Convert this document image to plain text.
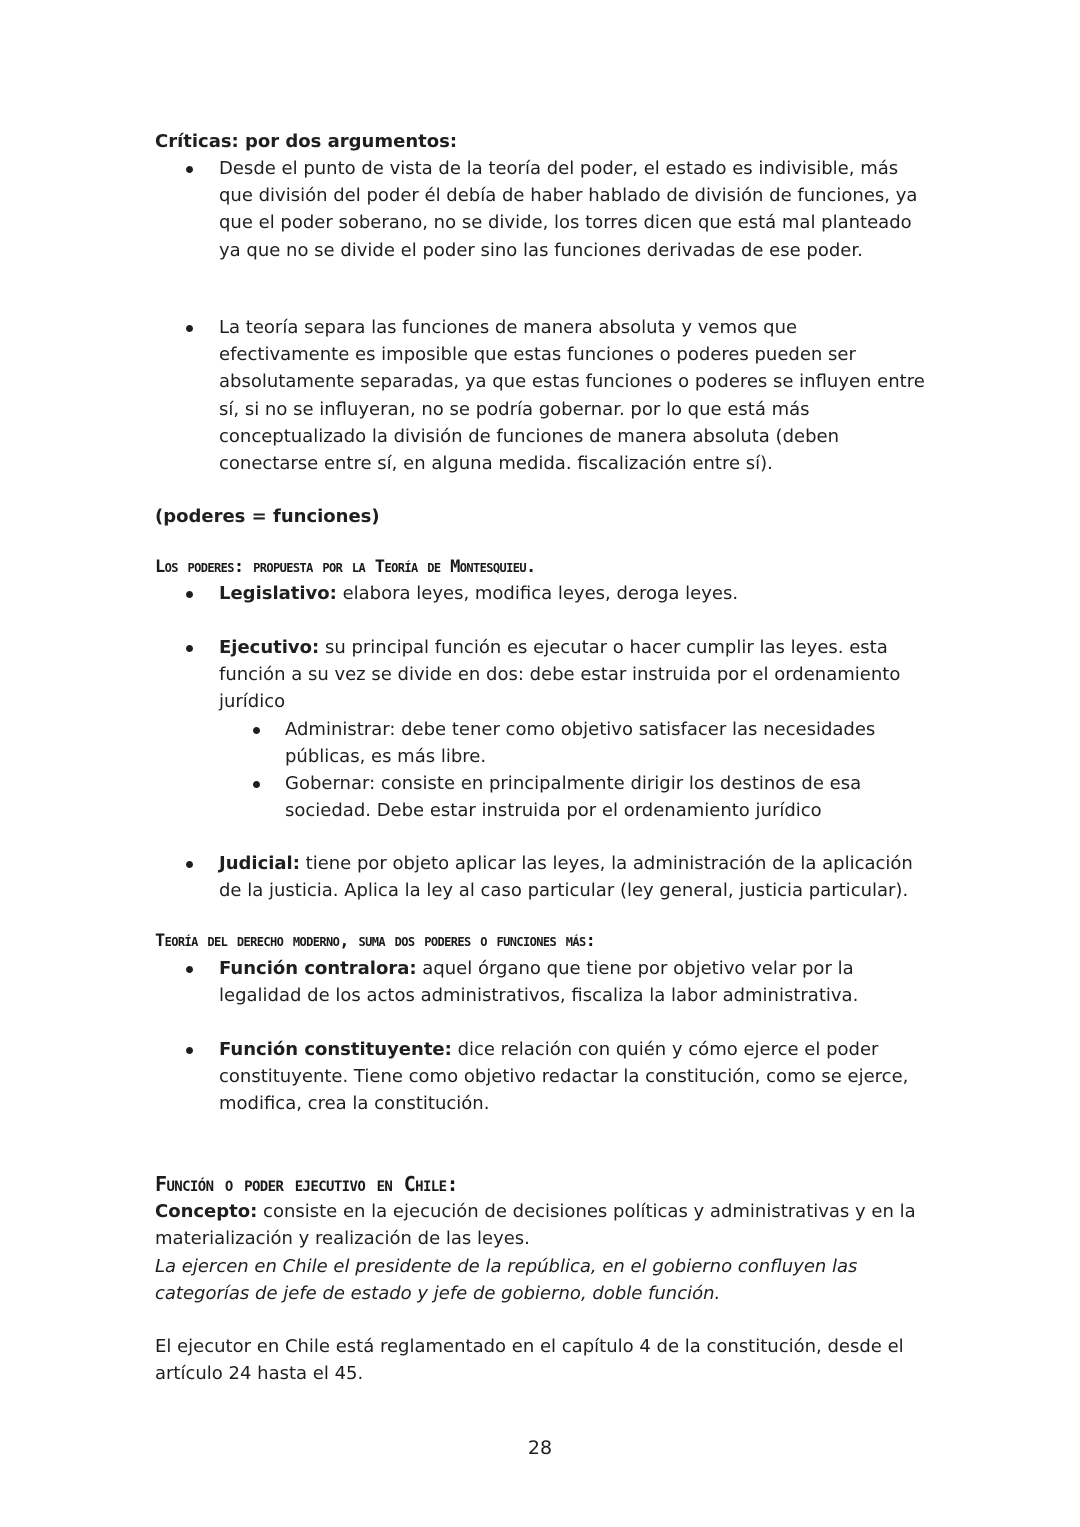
Críticas: por dos argumentos:

Desde el punto de vista de la teoría del poder, el estado es indivisible, más que división del poder él debía de haber hablado de división de funciones, ya que el poder soberano, no se divide, los torres dicen que está mal planteado ya que no se divide el poder sino las funciones derivadas de ese poder.

La teoría separa las funciones de manera absoluta y vemos que efectivamente es imposible que estas funciones o poderes pueden ser absolutamente separadas, ya que estas funciones o poderes se influyen entre sí, si no se influyeran, no se podría gobernar. por lo que está más conceptualizado la división de funciones de manera absoluta (deben conectarse entre sí, en alguna medida. fiscalización entre sí).

(poderes = funciones)

Los poderes: propuesta por la Teoría de Montesquieu.

Legislativo: elabora leyes, modifica leyes, deroga leyes.

Ejecutivo: su principal función es ejecutar o hacer cumplir las leyes. esta función a su vez se divide en dos: debe estar instruida por el ordenamiento jurídico

Administrar: debe tener como objetivo satisfacer las necesidades públicas, es más libre.

Gobernar: consiste en principalmente dirigir los destinos de esa sociedad. Debe estar instruida por el ordenamiento jurídico

Judicial: tiene por objeto aplicar las leyes, la administración de la aplicación de la justicia. Aplica la ley al caso particular (ley general, justicia particular).

Teoría del derecho moderno, suma dos poderes o funciones más:

Función contralora: aquel órgano que tiene por objetivo velar por la legalidad de los actos administrativos, fiscaliza la labor administrativa.

Función constituyente: dice relación con quién y cómo ejerce el poder constituyente. Tiene como objetivo redactar la constitución, como se ejerce, modifica, crea la constitución.

Función o poder ejecutivo en Chile:

Concepto: consiste en la ejecución de decisiones políticas y administrativas y en la materialización y realización de las leyes.

La ejercen en Chile el presidente de la república, en el gobierno confluyen las categorías de jefe de estado y jefe de gobierno, doble función.

El ejecutor en Chile está reglamentado en el capítulo 4 de la constitución, desde el artículo 24 hasta el 45.

28
